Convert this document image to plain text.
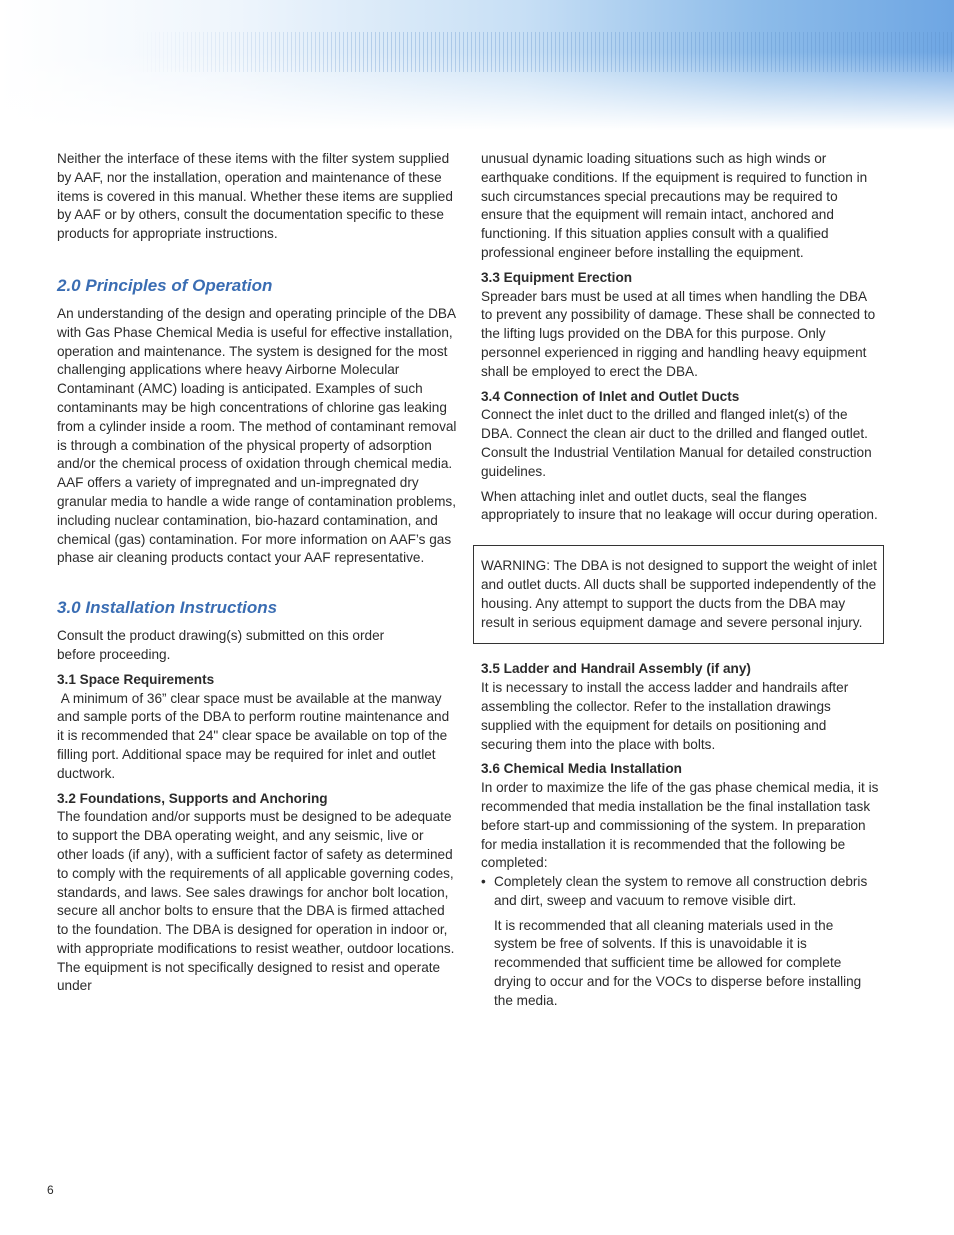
Neither the interface of these items with the filter system supplied by AAF, nor the installation, operation and maintenance of these items is covered in this manual. Whether these items are supplied by AAF or by others, consult the documentation specific to these products for appropriate instructions.

2.0 Principles of Operation

An understanding of the design and operating principle of the DBA with Gas Phase Chemical Media is useful for effective installation, operation and maintenance. The system is designed for the most challenging applications where heavy Airborne Molecular Contaminant (AMC) loading is anticipated. Examples of such contaminants may be high concentrations of chlorine gas leaking from a cylinder inside a room. The method of contaminant removal is through a combination of the physical property of adsorption and/or the chemical process of oxidation through chemical media. AAF offers a variety of impregnated and un-impregnated dry granular media to handle a wide range of contamination problems, including nuclear contamination, bio-hazard contamination, and chemical (gas) contamination. For more information on AAF’s gas phase air cleaning products contact your AAF representative.

3.0 Installation Instructions

Consult the product drawing(s) submitted on this order
before proceeding.

3.1 Space Requirements

A minimum of 36” clear space must be available at the manway and sample ports of the DBA to perform routine maintenance and it is recommended that 24" clear space be available on top of the filling port. Additional space may be required for inlet and outlet ductwork.

3.2 Foundations, Supports and Anchoring

The foundation and/or supports must be designed to be adequate to support the DBA operating weight, and any seismic, live or other loads (if any), with a sufficient factor of safety as determined to comply with the requirements of all applicable governing codes, standards, and laws. See sales drawings for anchor bolt location, secure all anchor bolts to ensure that the DBA is firmed attached to the foundation. The DBA is designed for operation in indoor or, with appropriate modifications to resist weather, outdoor locations. The equipment is not specifically designed to resist and operate under

unusual dynamic loading situations such as high winds or earthquake conditions. If the equipment is required to function in such circumstances special precautions may be required to ensure that the equipment will remain intact, anchored and functioning. If this situation applies consult with a qualified professional engineer before installing the equipment.

3.3 Equipment Erection

Spreader bars must be used at all times when handling the DBA to prevent any possibility of damage. These shall be connected to the lifting lugs provided on the DBA for this purpose. Only personnel experienced in rigging and handling heavy equipment shall be employed to erect the DBA.

3.4 Connection of Inlet and Outlet Ducts

Connect the inlet duct to the drilled and flanged inlet(s) of the DBA. Connect the clean air duct to the drilled and flanged outlet. Consult the Industrial Ventilation Manual for detailed construction guidelines.

When attaching inlet and outlet ducts, seal the flanges appropriately to insure that no leakage will occur during operation.

WARNING: The DBA is not designed to support the weight of inlet and outlet ducts. All ducts shall be supported independently of the housing. Any attempt to support the ducts from the DBA may result in serious equipment damage and severe personal injury.

3.5 Ladder and Handrail Assembly (if any)

It is necessary to install the access ladder and handrails after assembling the collector. Refer to the installation drawings supplied with the equipment for details on positioning and securing them into the place with bolts.

3.6 Chemical Media Installation

In order to maximize the life of the gas phase chemical media, it is recommended that media installation be the final installation task before start-up and commissioning of the system. In preparation for media installation it is recommended that the following be completed:

• Completely clean the system to remove all construction debris and dirt, sweep and vacuum to remove visible dirt.

It is recommended that all cleaning materials used in the system be free of solvents. If this is unavoidable it is recommended that sufficient time be allowed for complete drying to occur and for the VOCs to disperse before installing the media.

6
